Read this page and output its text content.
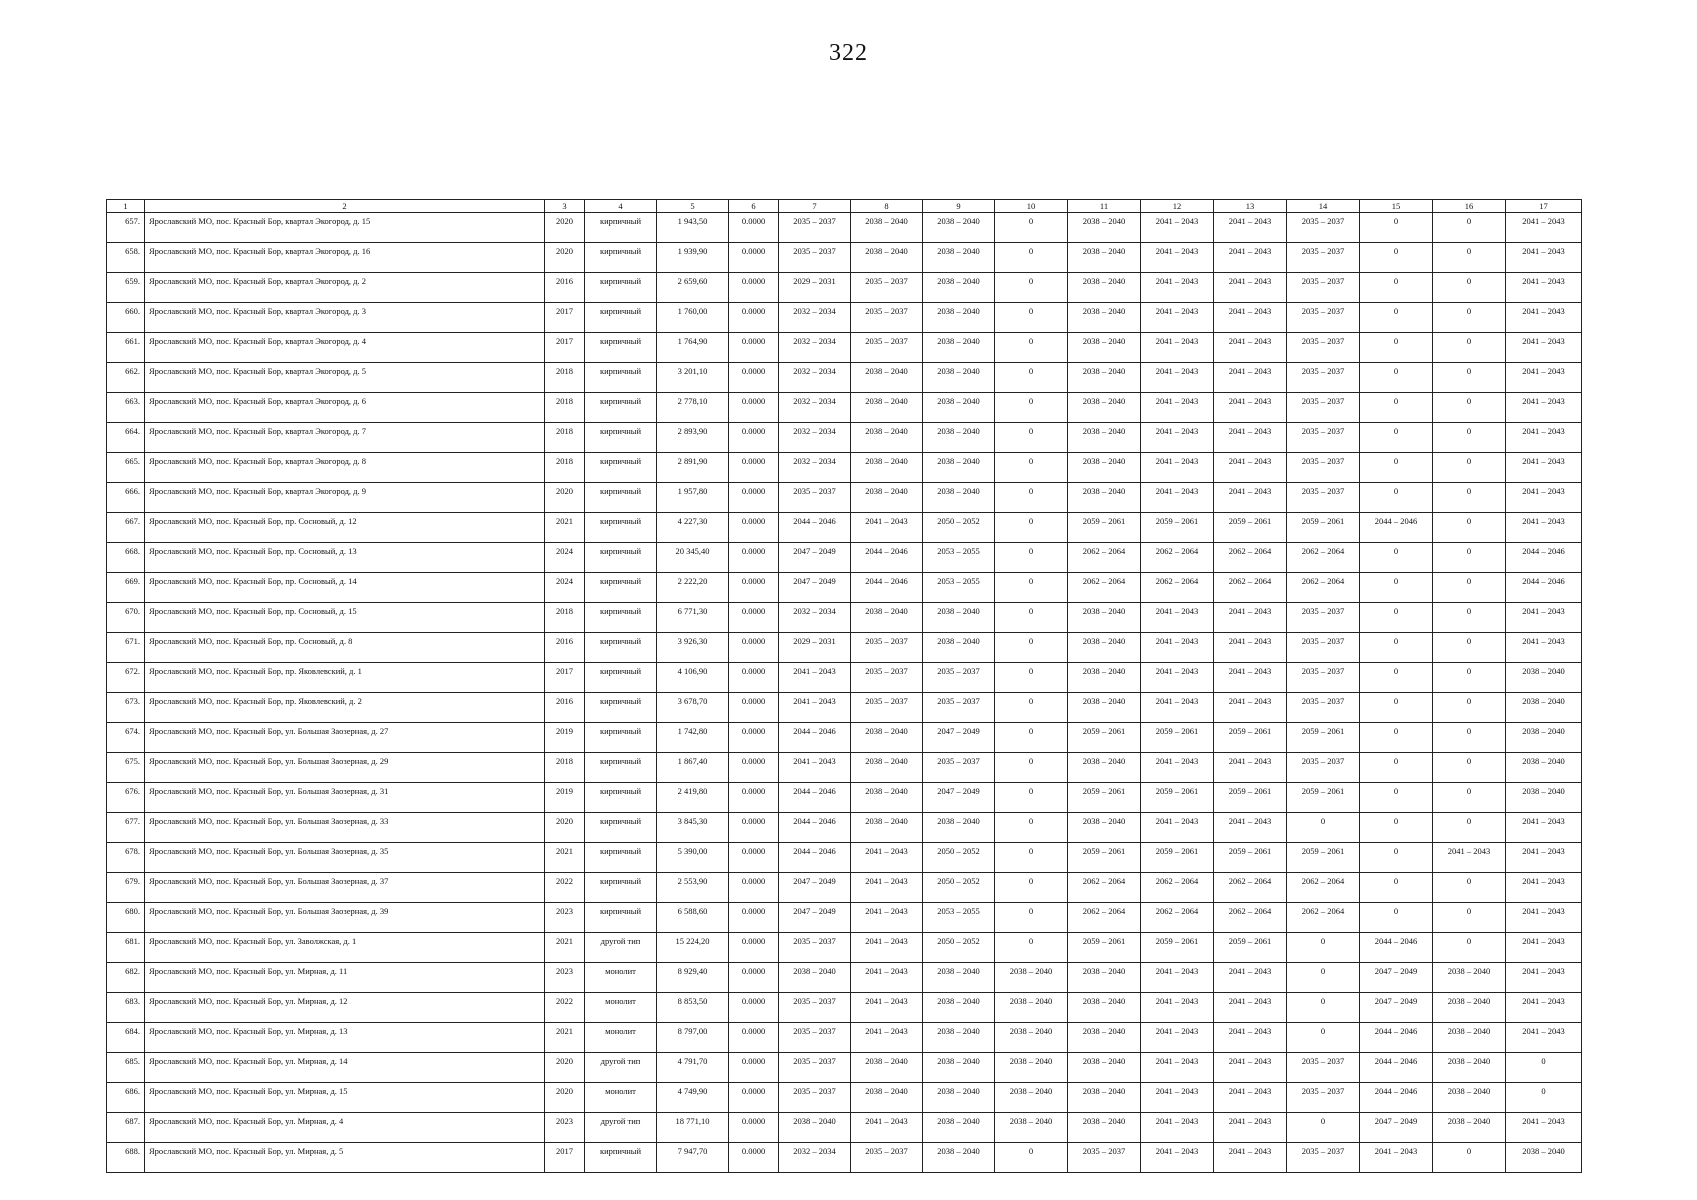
322
1	2	3	4	5	6	7	8	9	10	11	12	13	14	15	16	17
657.	Ярославский МО, пос. Красный Бор, квартал Экогород, д. 15	2020	кирпичный	1 943,50	0.0000	2035 – 2037	2038 – 2040	2038 – 2040	0	2038 – 2040	2041 – 2043	2041 – 2043	2035 – 2037	0	0	2041 – 2043
658.	Ярославский МО, пос. Красный Бор, квартал Экогород, д. 16	2020	кирпичный	1 939,90	0.0000	2035 – 2037	2038 – 2040	2038 – 2040	0	2038 – 2040	2041 – 2043	2041 – 2043	2035 – 2037	0	0	2041 – 2043
659.	Ярославский МО, пос. Красный Бор, квартал Экогород, д. 2	2016	кирпичный	2 659,60	0.0000	2029 – 2031	2035 – 2037	2038 – 2040	0	2038 – 2040	2041 – 2043	2041 – 2043	2035 – 2037	0	0	2041 – 2043
660.	Ярославский МО, пос. Красный Бор, квартал Экогород, д. 3	2017	кирпичный	1 760,00	0.0000	2032 – 2034	2035 – 2037	2038 – 2040	0	2038 – 2040	2041 – 2043	2041 – 2043	2035 – 2037	0	0	2041 – 2043
661.	Ярославский МО, пос. Красный Бор, квартал Экогород, д. 4	2017	кирпичный	1 764,90	0.0000	2032 – 2034	2035 – 2037	2038 – 2040	0	2038 – 2040	2041 – 2043	2041 – 2043	2035 – 2037	0	0	2041 – 2043
662.	Ярославский МО, пос. Красный Бор, квартал Экогород, д. 5	2018	кирпичный	3 201,10	0.0000	2032 – 2034	2038 – 2040	2038 – 2040	0	2038 – 2040	2041 – 2043	2041 – 2043	2035 – 2037	0	0	2041 – 2043
663.	Ярославский МО, пос. Красный Бор, квартал Экогород, д. 6	2018	кирпичный	2 778,10	0.0000	2032 – 2034	2038 – 2040	2038 – 2040	0	2038 – 2040	2041 – 2043	2041 – 2043	2035 – 2037	0	0	2041 – 2043
664.	Ярославский МО, пос. Красный Бор, квартал Экогород, д. 7	2018	кирпичный	2 893,90	0.0000	2032 – 2034	2038 – 2040	2038 – 2040	0	2038 – 2040	2041 – 2043	2041 – 2043	2035 – 2037	0	0	2041 – 2043
665.	Ярославский МО, пос. Красный Бор, квартал Экогород, д. 8	2018	кирпичный	2 891,90	0.0000	2032 – 2034	2038 – 2040	2038 – 2040	0	2038 – 2040	2041 – 2043	2041 – 2043	2035 – 2037	0	0	2041 – 2043
666.	Ярославский МО, пос. Красный Бор, квартал Экогород, д. 9	2020	кирпичный	1 957,80	0.0000	2035 – 2037	2038 – 2040	2038 – 2040	0	2038 – 2040	2041 – 2043	2041 – 2043	2035 – 2037	0	0	2041 – 2043
667.	Ярославский МО, пос. Красный Бор, пр. Сосновый, д. 12	2021	кирпичный	4 227,30	0.0000	2044 – 2046	2041 – 2043	2050 – 2052	0	2059 – 2061	2059 – 2061	2059 – 2061	2059 – 2061	2044 – 2046	0	2041 – 2043
668.	Ярославский МО, пос. Красный Бор, пр. Сосновый, д. 13	2024	кирпичный	20 345,40	0.0000	2047 – 2049	2044 – 2046	2053 – 2055	0	2062 – 2064	2062 – 2064	2062 – 2064	2062 – 2064	0	0	2044 – 2046
669.	Ярославский МО, пос. Красный Бор, пр. Сосновый, д. 14	2024	кирпичный	2 222,20	0.0000	2047 – 2049	2044 – 2046	2053 – 2055	0	2062 – 2064	2062 – 2064	2062 – 2064	2062 – 2064	0	0	2044 – 2046
670.	Ярославский МО, пос. Красный Бор, пр. Сосновый, д. 15	2018	кирпичный	6 771,30	0.0000	2032 – 2034	2038 – 2040	2038 – 2040	0	2038 – 2040	2041 – 2043	2041 – 2043	2035 – 2037	0	0	2041 – 2043
671.	Ярославский МО, пос. Красный Бор, пр. Сосновый, д. 8	2016	кирпичный	3 926,30	0.0000	2029 – 2031	2035 – 2037	2038 – 2040	0	2038 – 2040	2041 – 2043	2041 – 2043	2035 – 2037	0	0	2041 – 2043
672.	Ярославский МО, пос. Красный Бор, пр. Яковлевский, д. 1	2017	кирпичный	4 106,90	0.0000	2041 – 2043	2035 – 2037	2035 – 2037	0	2038 – 2040	2041 – 2043	2041 – 2043	2035 – 2037	0	0	2038 – 2040
673.	Ярославский МО, пос. Красный Бор, пр. Яковлевский, д. 2	2016	кирпичный	3 678,70	0.0000	2041 – 2043	2035 – 2037	2035 – 2037	0	2038 – 2040	2041 – 2043	2041 – 2043	2035 – 2037	0	0	2038 – 2040
674.	Ярославский МО, пос. Красный Бор, ул. Большая Заозерная, д. 27	2019	кирпичный	1 742,80	0.0000	2044 – 2046	2038 – 2040	2047 – 2049	0	2059 – 2061	2059 – 2061	2059 – 2061	2059 – 2061	0	0	2038 – 2040
675.	Ярославский МО, пос. Красный Бор, ул. Большая Заозерная, д. 29	2018	кирпичный	1 867,40	0.0000	2041 – 2043	2038 – 2040	2035 – 2037	0	2038 – 2040	2041 – 2043	2041 – 2043	2035 – 2037	0	0	2038 – 2040
676.	Ярославский МО, пос. Красный Бор, ул. Большая Заозерная, д. 31	2019	кирпичный	2 419,80	0.0000	2044 – 2046	2038 – 2040	2047 – 2049	0	2059 – 2061	2059 – 2061	2059 – 2061	2059 – 2061	0	0	2038 – 2040
677.	Ярославский МО, пос. Красный Бор, ул. Большая Заозерная, д. 33	2020	кирпичный	3 845,30	0.0000	2044 – 2046	2038 – 2040	2038 – 2040	0	2038 – 2040	2041 – 2043	2041 – 2043	0	0	0	2041 – 2043
678.	Ярославский МО, пос. Красный Бор, ул. Большая Заозерная, д. 35	2021	кирпичный	5 390,00	0.0000	2044 – 2046	2041 – 2043	2050 – 2052	0	2059 – 2061	2059 – 2061	2059 – 2061	2059 – 2061	0	2041 – 2043	2041 – 2043
679.	Ярославский МО, пос. Красный Бор, ул. Большая Заозерная, д. 37	2022	кирпичный	2 553,90	0.0000	2047 – 2049	2041 – 2043	2050 – 2052	0	2062 – 2064	2062 – 2064	2062 – 2064	2062 – 2064	0	0	2041 – 2043
680.	Ярославский МО, пос. Красный Бор, ул. Большая Заозерная, д. 39	2023	кирпичный	6 588,60	0.0000	2047 – 2049	2041 – 2043	2053 – 2055	0	2062 – 2064	2062 – 2064	2062 – 2064	2062 – 2064	0	0	2041 – 2043
681.	Ярославский МО, пос. Красный Бор, ул. Заволжская, д. 1	2021	другой тип	15 224,20	0.0000	2035 – 2037	2041 – 2043	2050 – 2052	0	2059 – 2061	2059 – 2061	2059 – 2061	0	2044 – 2046	0	2041 – 2043
682.	Ярославский МО, пос. Красный Бор, ул. Мирная, д. 11	2023	монолит	8 929,40	0.0000	2038 – 2040	2041 – 2043	2038 – 2040	2038 – 2040	2038 – 2040	2041 – 2043	2041 – 2043	0	2047 – 2049	2038 – 2040	2041 – 2043
683.	Ярославский МО, пос. Красный Бор, ул. Мирная, д. 12	2022	монолит	8 853,50	0.0000	2035 – 2037	2041 – 2043	2038 – 2040	2038 – 2040	2038 – 2040	2041 – 2043	2041 – 2043	0	2047 – 2049	2038 – 2040	2041 – 2043
684.	Ярославский МО, пос. Красный Бор, ул. Мирная, д. 13	2021	монолит	8 797,00	0.0000	2035 – 2037	2041 – 2043	2038 – 2040	2038 – 2040	2038 – 2040	2041 – 2043	2041 – 2043	0	2044 – 2046	2038 – 2040	2041 – 2043
685.	Ярославский МО, пос. Красный Бор, ул. Мирная, д. 14	2020	другой тип	4 791,70	0.0000	2035 – 2037	2038 – 2040	2038 – 2040	2038 – 2040	2038 – 2040	2041 – 2043	2041 – 2043	2035 – 2037	2044 – 2046	2038 – 2040	0
686.	Ярославский МО, пос. Красный Бор, ул. Мирная, д. 15	2020	монолит	4 749,90	0.0000	2035 – 2037	2038 – 2040	2038 – 2040	2038 – 2040	2038 – 2040	2041 – 2043	2041 – 2043	2035 – 2037	2044 – 2046	2038 – 2040	0
687.	Ярославский МО, пос. Красный Бор, ул. Мирная, д. 4	2023	другой тип	18 771,10	0.0000	2038 – 2040	2041 – 2043	2038 – 2040	2038 – 2040	2038 – 2040	2041 – 2043	2041 – 2043	0	2047 – 2049	2038 – 2040	2041 – 2043
688.	Ярославский МО, пос. Красный Бор, ул. Мирная, д. 5	2017	кирпичный	7 947,70	0.0000	2032 – 2034	2035 – 2037	2038 – 2040	0	2035 – 2037	2041 – 2043	2041 – 2043	2035 – 2037	2041 – 2043	0	2038 – 2040
